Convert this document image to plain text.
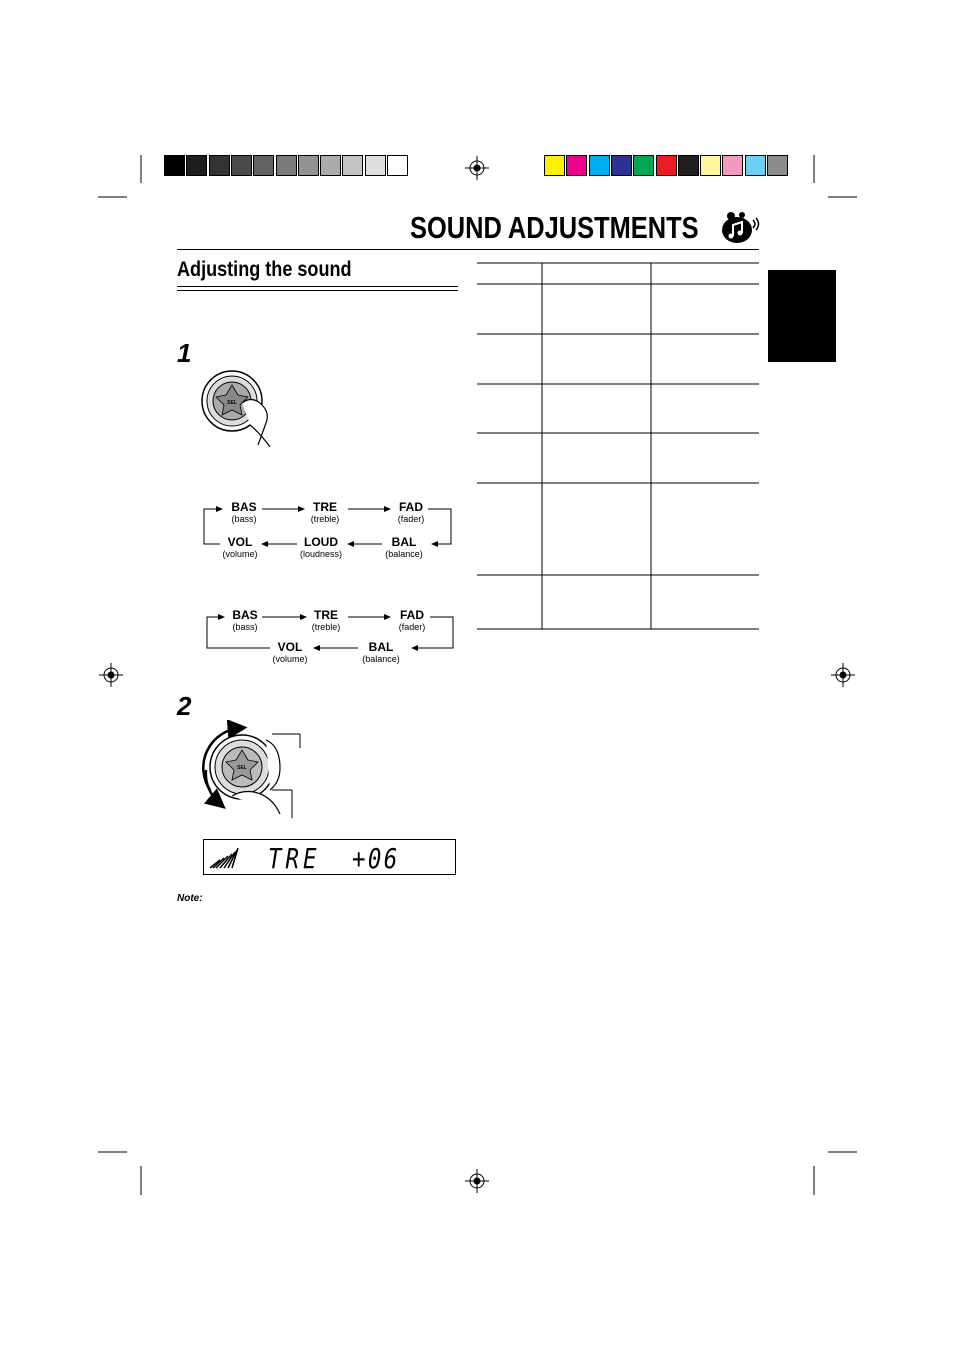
SOUND ADJUSTMENTS
Adjusting the sound
1
SEL
BAS
(bass)
TRE
(treble)
FAD
(fader)
VOL
(volume)
LOUD
(loudness)
BAL
(balance)
BAS
(bass)
TRE
(treble)
FAD
(fader)
VOL
(volume)
BAL
(balance)
2
SEL
TRE +06
Note:
